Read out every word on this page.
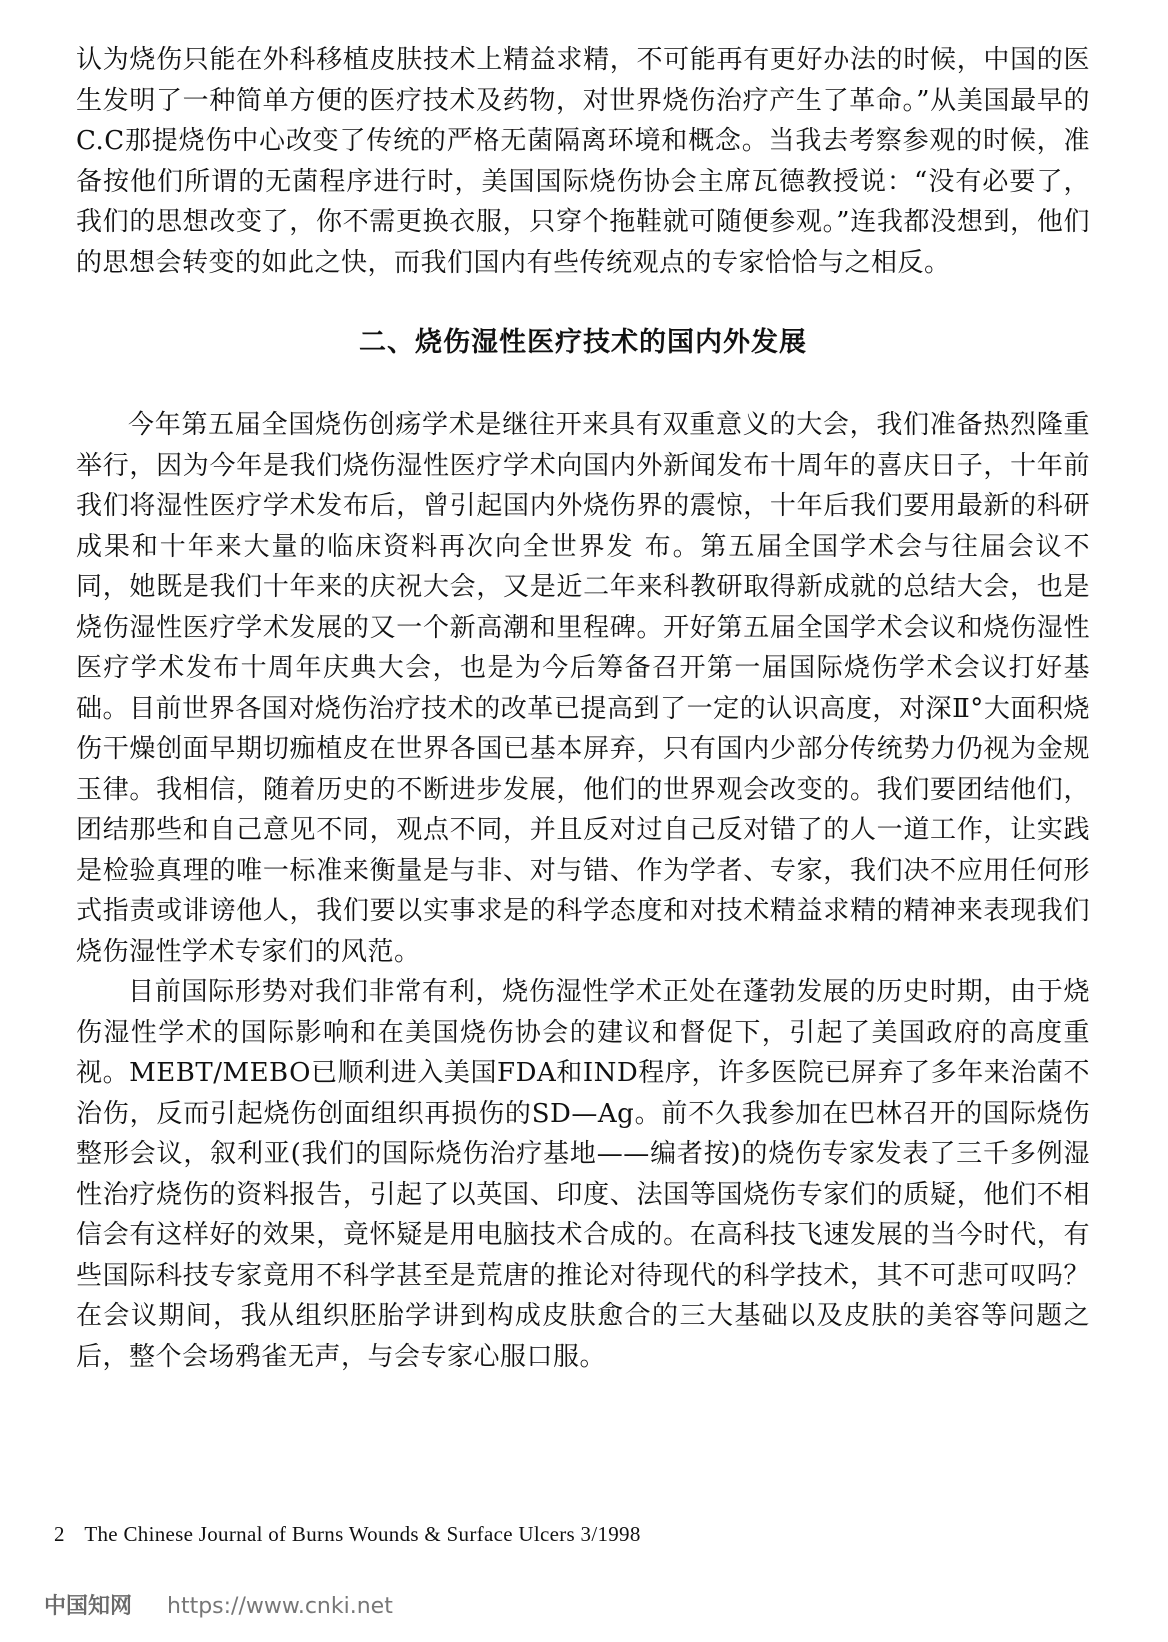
认为烧伤只能在外科移植皮肤技术上精益求精，不可能再有更好办法的时候，中国的医生发明了一种简单方便的医疗技术及药物，对世界烧伤治疗产生了革命。”从美国最早的C.C那提烧伤中心改变了传统的严格无菌隔离环境和概念。当我去考察参观的时候，准备按他们所谓的无菌程序进行时，美国国际烧伤协会主席瓦德教授说：“没有必要了，我们的思想改变了，你不需更换衣服，只穿个拖鞋就可随便参观。”连我都没想到，他们的思想会转变的如此之快，而我们国内有些传统观点的专家恰恰与之相反。

二、烧伤湿性医疗技术的国内外发展

今年第五届全国烧伤创疡学术是继往开来具有双重意义的大会，我们准备热烈隆重举行，因为今年是我们烧伤湿性医疗学术向国内外新闻发布十周年的喜庆日子，十年前我们将湿性医疗学术发布后，曾引起国内外烧伤界的震惊，十年后我们要用最新的科研成果和十年来大量的临床资料再次向全世界发 布。第五届全国学术会与往届会议不同，她既是我们十年来的庆祝大会，又是近二年来科教研取得新成就的总结大会，也是烧伤湿性医疗学术发展的又一个新高潮和里程碑。开好第五届全国学术会议和烧伤湿性医疗学术发布十周年庆典大会，也是为今后筹备召开第一届国际烧伤学术会议打好基础。目前世界各国对烧伤治疗技术的改革已提高到了一定的认识高度，对深Ⅱ°大面积烧伤干燥创面早期切痂植皮在世界各国已基本屏弃，只有国内少部分传统势力仍视为金规玉律。我相信，随着历史的不断进步发展，他们的世界观会改变的。我们要团结他们，团结那些和自己意见不同，观点不同，并且反对过自己反对错了的人一道工作，让实践是检验真理的唯一标准来衡量是与非、对与错、作为学者、专家，我们决不应用任何形式指责或诽谤他人，我们要以实事求是的科学态度和对技术精益求精的精神来表现我们烧伤湿性学术专家们的风范。

目前国际形势对我们非常有利，烧伤湿性学术正处在蓬勃发展的历史时期，由于烧伤湿性学术的国际影响和在美国烧伤协会的建议和督促下，引起了美国政府的高度重视。MEBT/MEBO已顺利进入美国FDA和IND程序，许多医院已屏弃了多年来治菌不治伤，反而引起烧伤创面组织再损伤的SD—Ag。前不久我参加在巴林召开的国际烧伤整形会议，叙利亚(我们的国际烧伤治疗基地——编者按)的烧伤专家发表了三千多例湿性治疗烧伤的资料报告，引起了以英国、印度、法国等国烧伤专家们的质疑，他们不相信会有这样好的效果，竟怀疑是用电脑技术合成的。在高科技飞速发展的当今时代，有些国际科技专家竟用不科学甚至是荒唐的推论对待现代的科学技术，其不可悲可叹吗？在会议期间，我从组织胚胎学讲到构成皮肤愈合的三大基础以及皮肤的美容等问题之后，整个会场鸦雀无声，与会专家心服口服。

2 The Chinese Journal of Burns Wounds & Surface Ulcers 3/1998
中国知网 https://www.cnki.net
